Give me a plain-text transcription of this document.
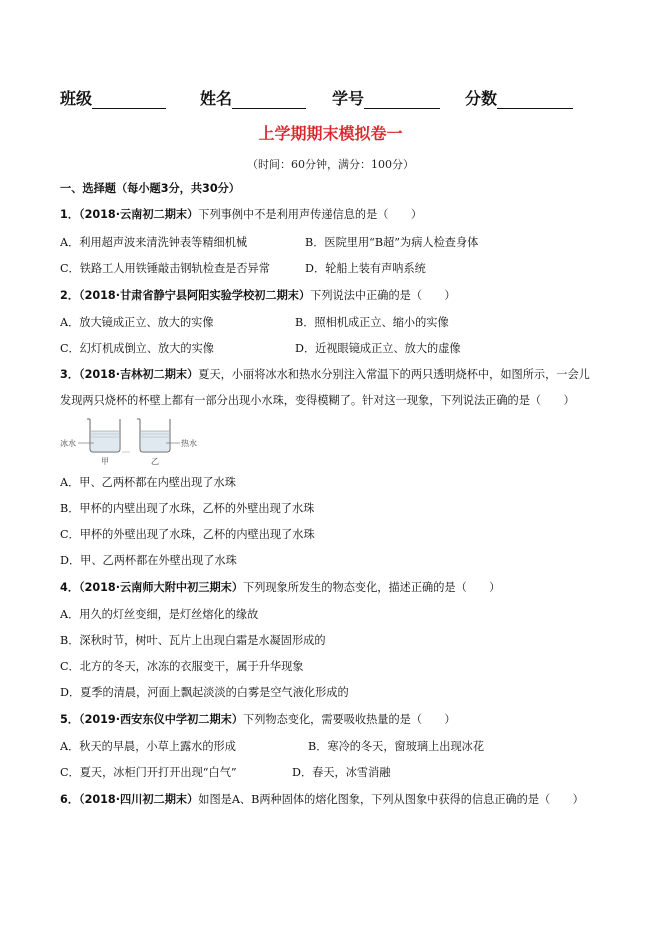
班级	姓名	学号	分数
上学期期末模拟卷一
（时间：60分钟，满分：100分）
一、选择题（每小题3分，共30分）
1．（2018·云南初二期末）下列事例中不是利用声传递信息的是（　　）
A．利用超声波来清洗钟表等精细机械	B．医院里用“B超”为病人检查身体
C．铁路工人用铁锤敲击钢轨检查是否异常	D．轮船上装有声呐系统
2．（2018·甘肃省静宁县阿阳实验学校初二期末）下列说法中正确的是（　　）
A．放大镜成正立、放大的实像	B．照相机成正立、缩小的实像
C．幻灯机成倒立、放大的实像	D．近视眼镜成正立、放大的虚像
3．（2018·吉林初二期末）夏天，小丽将冰水和热水分别注入常温下的两只透明烧杯中，如图所示，一会儿
发现两只烧杯的杯壁上都有一部分出现小水珠，变得模糊了。针对这一现象，下列说法正确的是（　　）
冰水
甲
热水
乙
A．甲、乙两杯都在内壁出现了水珠
B．甲杯的内壁出现了水珠，乙杯的外壁出现了水珠
C．甲杯的外壁出现了水珠，乙杯的内壁出现了水珠
D．甲、乙两杯都在外壁出现了水珠
4．（2018·云南师大附中初三期末）下列现象所发生的物态变化，描述正确的是（　　）
A．用久的灯丝变细，是灯丝熔化的缘故
B．深秋时节，树叶、瓦片上出现白霜是水凝固形成的
C．北方的冬天，冰冻的衣服变干，属于升华现象
D．夏季的清晨，河面上飘起淡淡的白雾是空气液化形成的
5．（2019·西安东仪中学初二期末）下列物态变化，需要吸收热量的是（　　）
A．秋天的早晨，小草上露水的形成	B．寒冷的冬天，窗玻璃上出现冰花
C．夏天，冰柜门开打开出现“白气”	D．春天，冰雪消融
6．（2018·四川初二期末）如图是A、B两种固体的熔化图象，下列从图象中获得的信息正确的是（　　）
